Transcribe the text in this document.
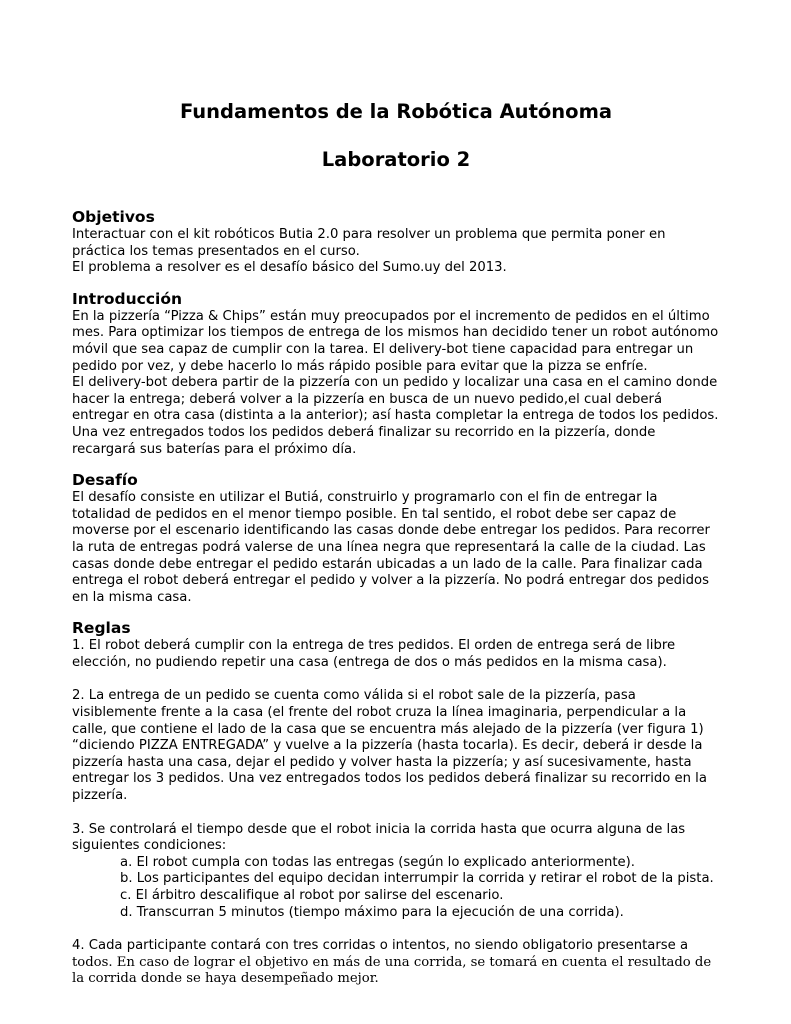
Fundamentos de la Robótica Autónoma
Laboratorio 2
Objetivos

Interactuar con el kit robóticos Butia 2.0 para resolver un problema que permita poner en práctica los temas presentados en el curso.

El problema a resolver es el desafío básico del Sumo.uy del 2013.

Introducción

En la pizzería “Pizza & Chips” están muy preocupados por el incremento de pedidos en el último mes. Para optimizar los tiempos de entrega de los mismos han decidido tener un robot autónomo móvil que sea capaz de cumplir con la tarea. El delivery-bot tiene capacidad para entregar un pedido por vez, y debe hacerlo lo más rápido posible para evitar que la pizza se enfríe.

El delivery-bot debera partir de la pizzería con un pedido y localizar una casa en el camino donde hacer la entrega; deberá volver a la pizzería en busca de un nuevo pedido,el cual deberá entregar en otra casa (distinta a la anterior); así hasta completar la entrega de todos los pedidos. Una vez entregados todos los pedidos deberá finalizar su recorrido en la pizzería, donde recargará sus baterías para el próximo día.

Desafío

El desafío consiste en utilizar el Butiá, construirlo y programarlo con el fin de entregar la totalidad de pedidos en el menor tiempo posible. En tal sentido, el robot debe ser capaz de moverse por el escenario identificando las casas donde debe entregar los pedidos. Para recorrer la ruta de entregas podrá valerse de una línea negra que representará la calle de la ciudad. Las casas donde debe entregar el pedido estarán ubicadas a un lado de la calle. Para finalizar cada entrega el robot deberá entregar el pedido y volver a la pizzería. No podrá entregar dos pedidos en la misma casa.

Reglas

1. El robot deberá cumplir con la entrega de tres pedidos. El orden de entrega será de libre elección, no pudiendo repetir una casa (entrega de dos o más pedidos en la misma casa).

2. La entrega de un pedido se cuenta como válida si el robot sale de la pizzería, pasa visiblemente frente a la casa (el frente del robot cruza la línea imaginaria, perpendicular a la calle, que contiene el lado de la casa que se encuentra más alejado de la pizzería (ver figura 1) “diciendo PIZZA ENTREGADA” y vuelve a la pizzería (hasta tocarla). Es decir, deberá ir desde la pizzería hasta una casa, dejar el pedido y volver hasta la pizzería; y así sucesivamente, hasta entregar los 3 pedidos. Una vez entregados todos los pedidos deberá finalizar su recorrido en la pizzería.

3. Se controlará el tiempo desde que el robot inicia la corrida hasta que ocurra alguna de las siguientes condiciones:

a. El robot cumpla con todas las entregas (según lo explicado anteriormente).
b. Los participantes del equipo decidan interrumpir la corrida y retirar el robot de la pista.
c. El árbitro descalifique al robot por salirse del escenario.
d. Transcurran 5 minutos (tiempo máximo para la ejecución de una corrida).

4. Cada participante contará con tres corridas o intentos, no siendo obligatorio presentarse a todos. En caso de lograr el objetivo en más de una corrida, se tomará en cuenta el resultado de la corrida donde se haya desempeñado mejor.
